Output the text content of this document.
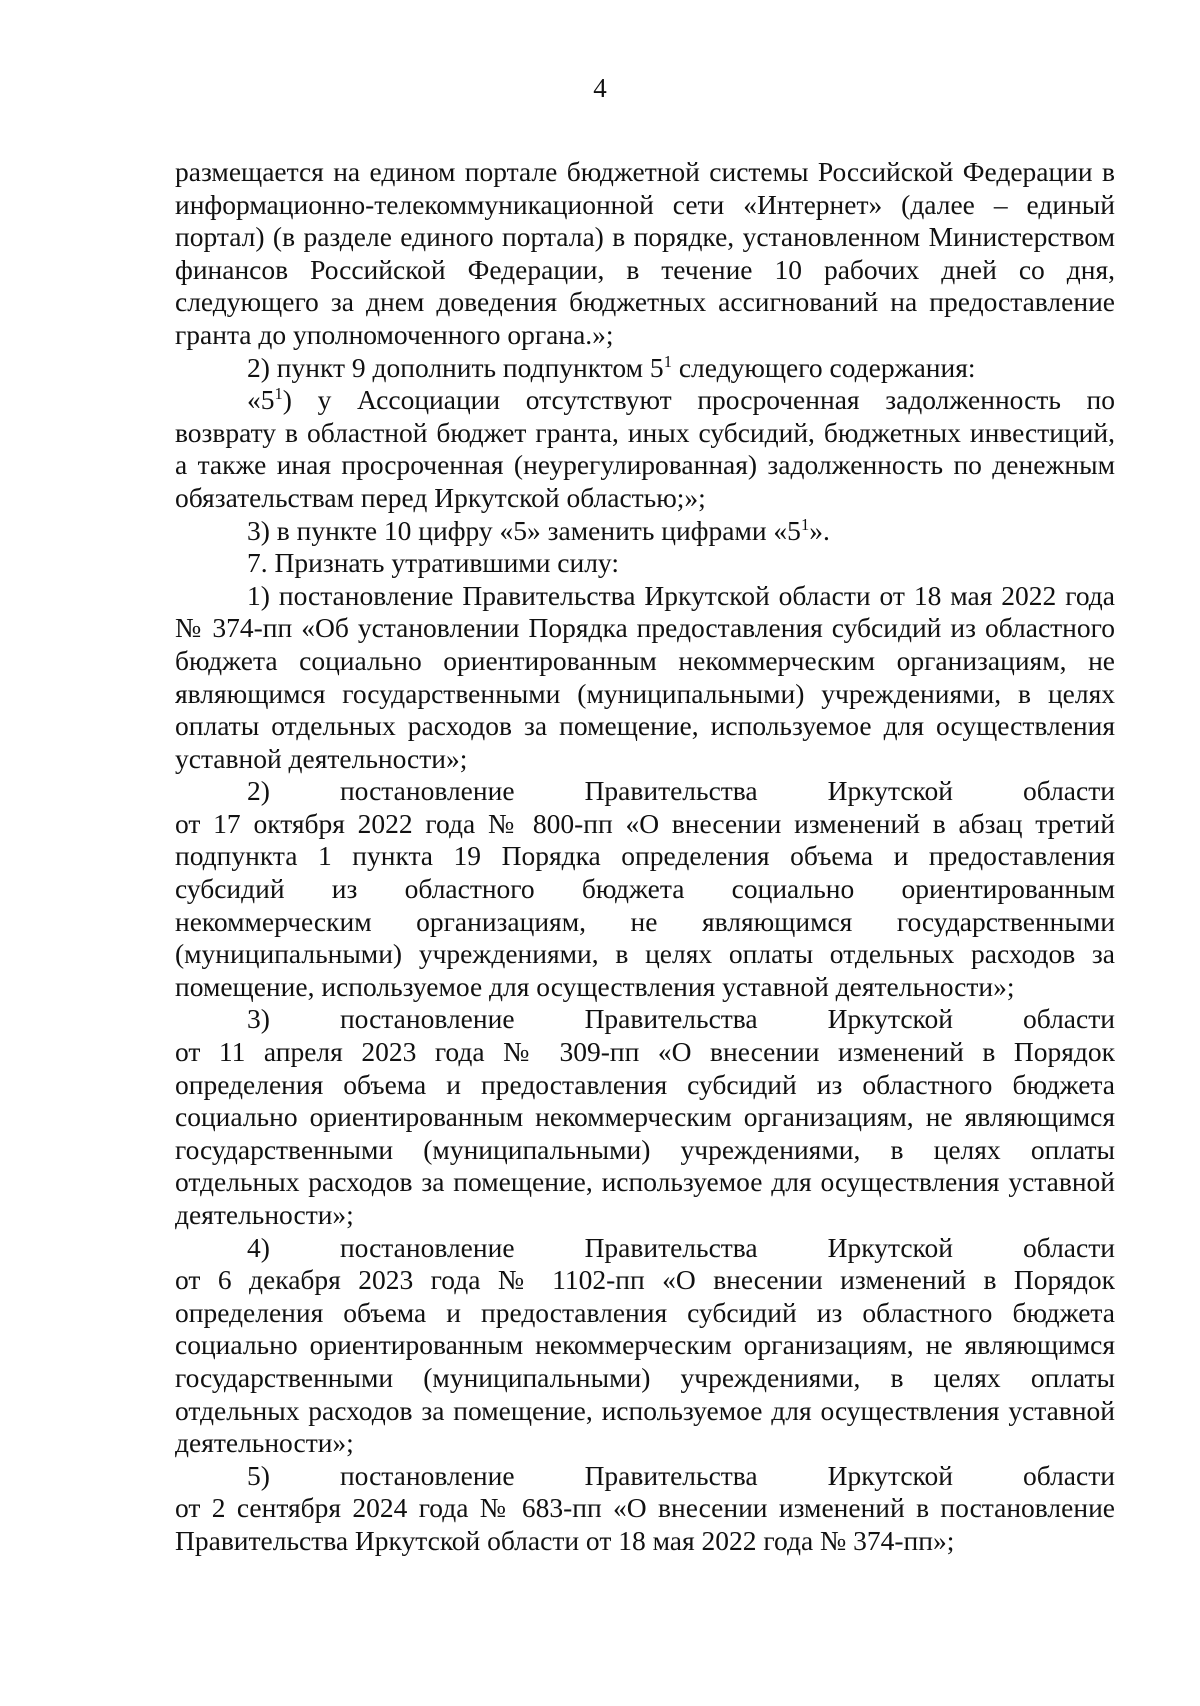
4
размещается на едином портале бюджетной системы Российской Федерации в
информационно-телекоммуникационной сети «Интернет» (далее – единый
портал) (в разделе единого портала) в порядке, установленном Министерством
финансов Российской Федерации, в течение 10 рабочих дней со дня,
следующего за днем доведения бюджетных ассигнований на предоставление
гранта до уполномоченного органа.»;
2) пункт 9 дополнить подпунктом $5^1$ следующего содержания:
«$5^1$) у Ассоциации отсутствуют просроченная задолженность по
возврату в областной бюджет гранта, иных субсидий, бюджетных инвестиций,
а также иная просроченная (неурегулированная) задолженность по денежным
обязательствам перед Иркутской областью;»;
3) в пункте 10 цифру «5» заменить цифрами «$5^1$».
7. Признать утратившими силу:
1) постановление Правительства Иркутской области от 18 мая 2022 года
№ 374-пп «Об установлении Порядка предоставления субсидий из областного
бюджета социально ориентированным некоммерческим организациям, не
являющимся государственными (муниципальными) учреждениями, в целях
оплаты отдельных расходов за помещение, используемое для осуществления
уставной деятельности»;
2)	постановление	Правительства	Иркутской	области
от 17 октября 2022 года № 800-пп «О внесении изменений в абзац третий
подпункта 1 пункта 19 Порядка определения объема и предоставления
субсидий из областного бюджета социально ориентированным
некоммерческим организациям, не являющимся государственными
(муниципальными) учреждениями, в целях оплаты отдельных расходов за
помещение, используемое для осуществления уставной деятельности»;
3)	постановление	Правительства	Иркутской	области
от 11 апреля 2023 года № 309-пп «О внесении изменений в Порядок
определения объема и предоставления субсидий из областного бюджета
социально ориентированным некоммерческим организациям, не являющимся
государственными (муниципальными) учреждениями, в целях оплаты
отдельных расходов за помещение, используемое для осуществления уставной
деятельности»;
4)	постановление	Правительства	Иркутской	области
от 6 декабря 2023 года № 1102-пп «О внесении изменений в Порядок
определения объема и предоставления субсидий из областного бюджета
социально ориентированным некоммерческим организациям, не являющимся
государственными (муниципальными) учреждениями, в целях оплаты
отдельных расходов за помещение, используемое для осуществления уставной
деятельности»;
5)	постановление	Правительства	Иркутской	области
от 2 сентября 2024 года № 683-пп «О внесении изменений в постановление
Правительства Иркутской области от 18 мая 2022 года № 374-пп»;
